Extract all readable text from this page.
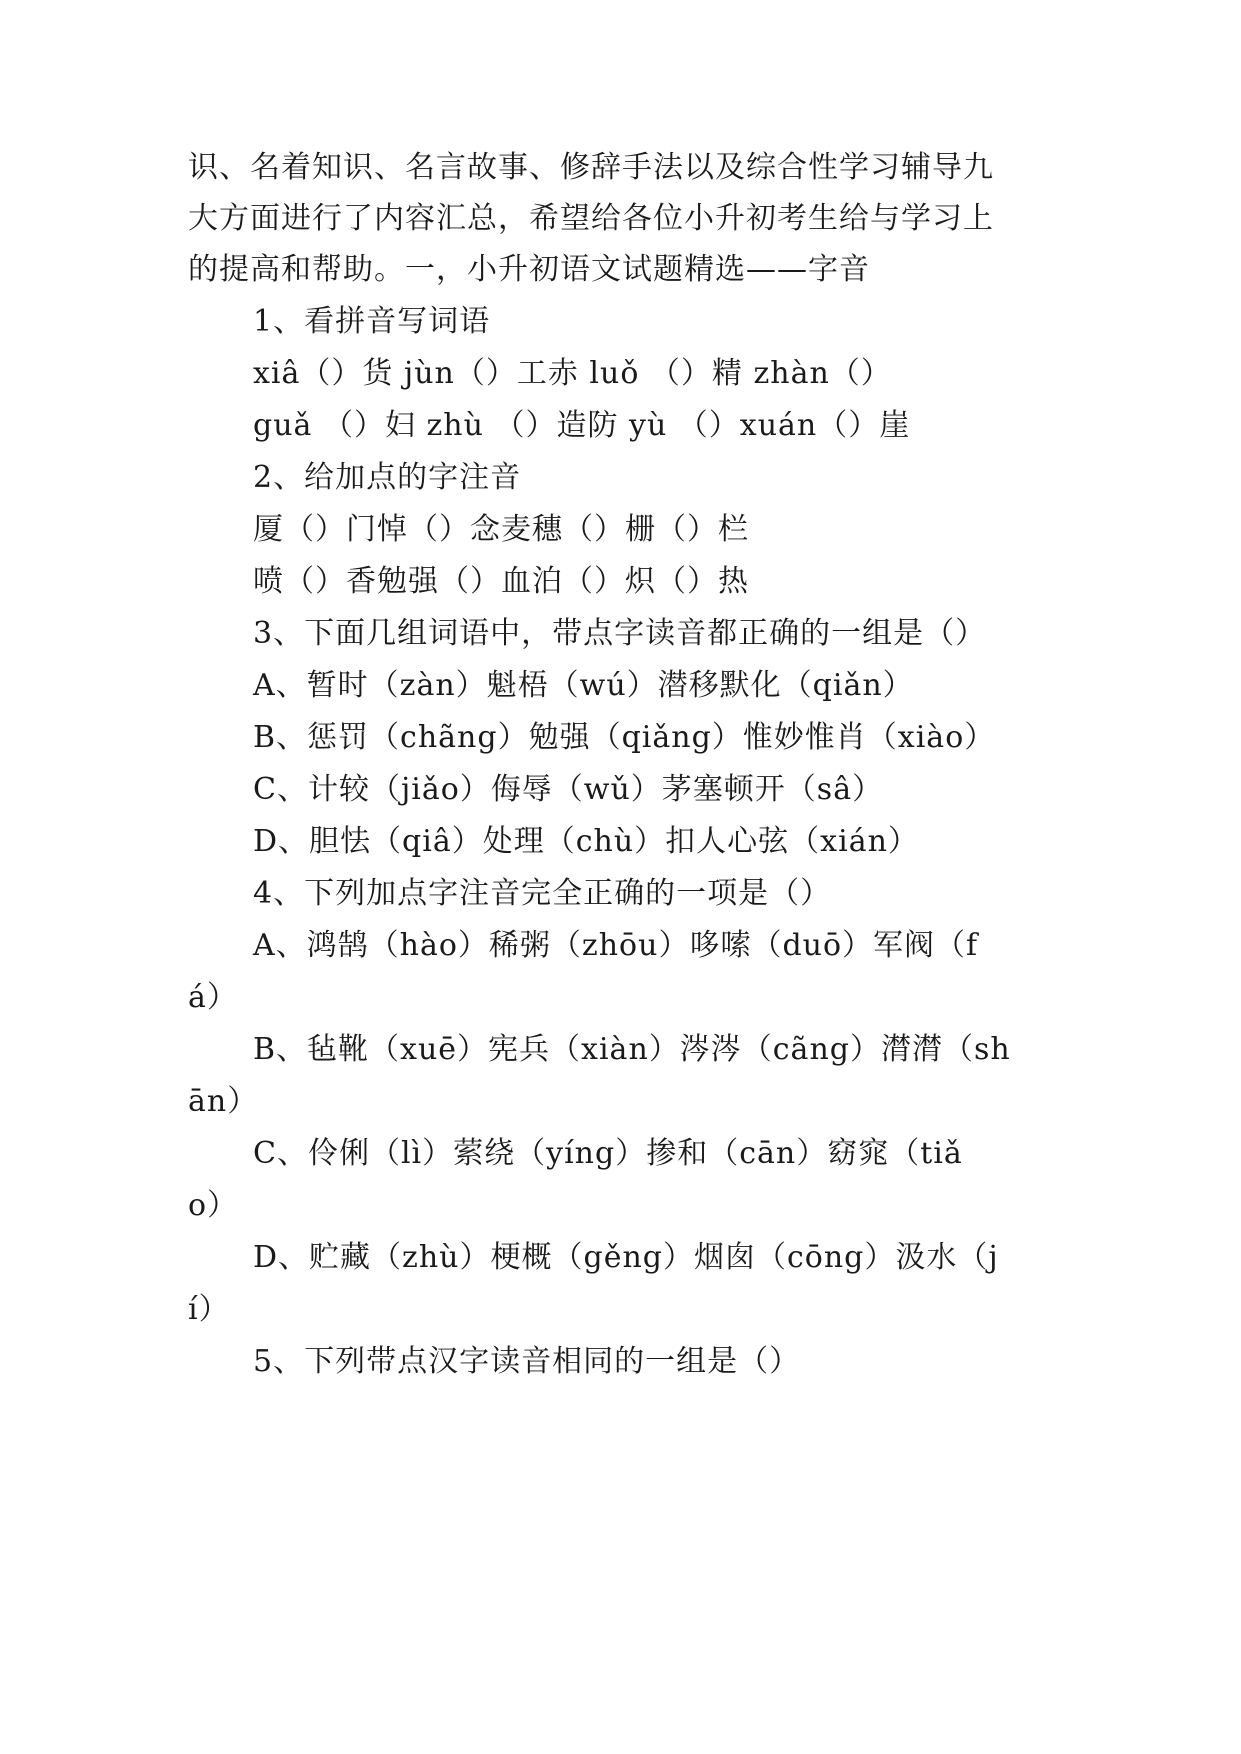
识、名着知识、名言故事、修辞手法以及综合性学习辅导九
大方面进行了内容汇总，希望给各位小升初考生给与学习上
的提高和帮助。一，小升初语文试题精选——字音
1、看拼音写词语
xiâ（）货 jùn（）工赤 luǒ （）精 zhàn（）
guǎ （）妇 zhù （）造防 yù （）xuán（）崖
2、给加点的字注音
厦（）门悼（）念麦穗（）栅（）栏
喷（）香勉强（）血泊（）炽（）热
3、下面几组词语中，带点字读音都正确的一组是（）
A、暂时（zàn）魁梧（wú）潜移默化（qiǎn）
B、惩罚（chãng）勉强（qiǎng）惟妙惟肖（xiào）
C、计较（jiǎo）侮辱（wǔ）茅塞顿开（sâ）
D、胆怯（qiâ）处理（chù）扣人心弦（xián）
4、下列加点字注音完全正确的一项是（）
A、鸿鹄（hào）稀粥（zhōu）哆嗦（duō）军阀（f
á）
B、毡靴（xuē）宪兵（xiàn）涔涔（cãng）潸潸（sh
ān）
C、伶俐（lì）萦绕（yíng）掺和（cān）窈窕（tiǎ
o）
D、贮藏（zhù）梗概（gěng）烟囱（cōng）汲水（j
í）
5、下列带点汉字读音相同的一组是（）
